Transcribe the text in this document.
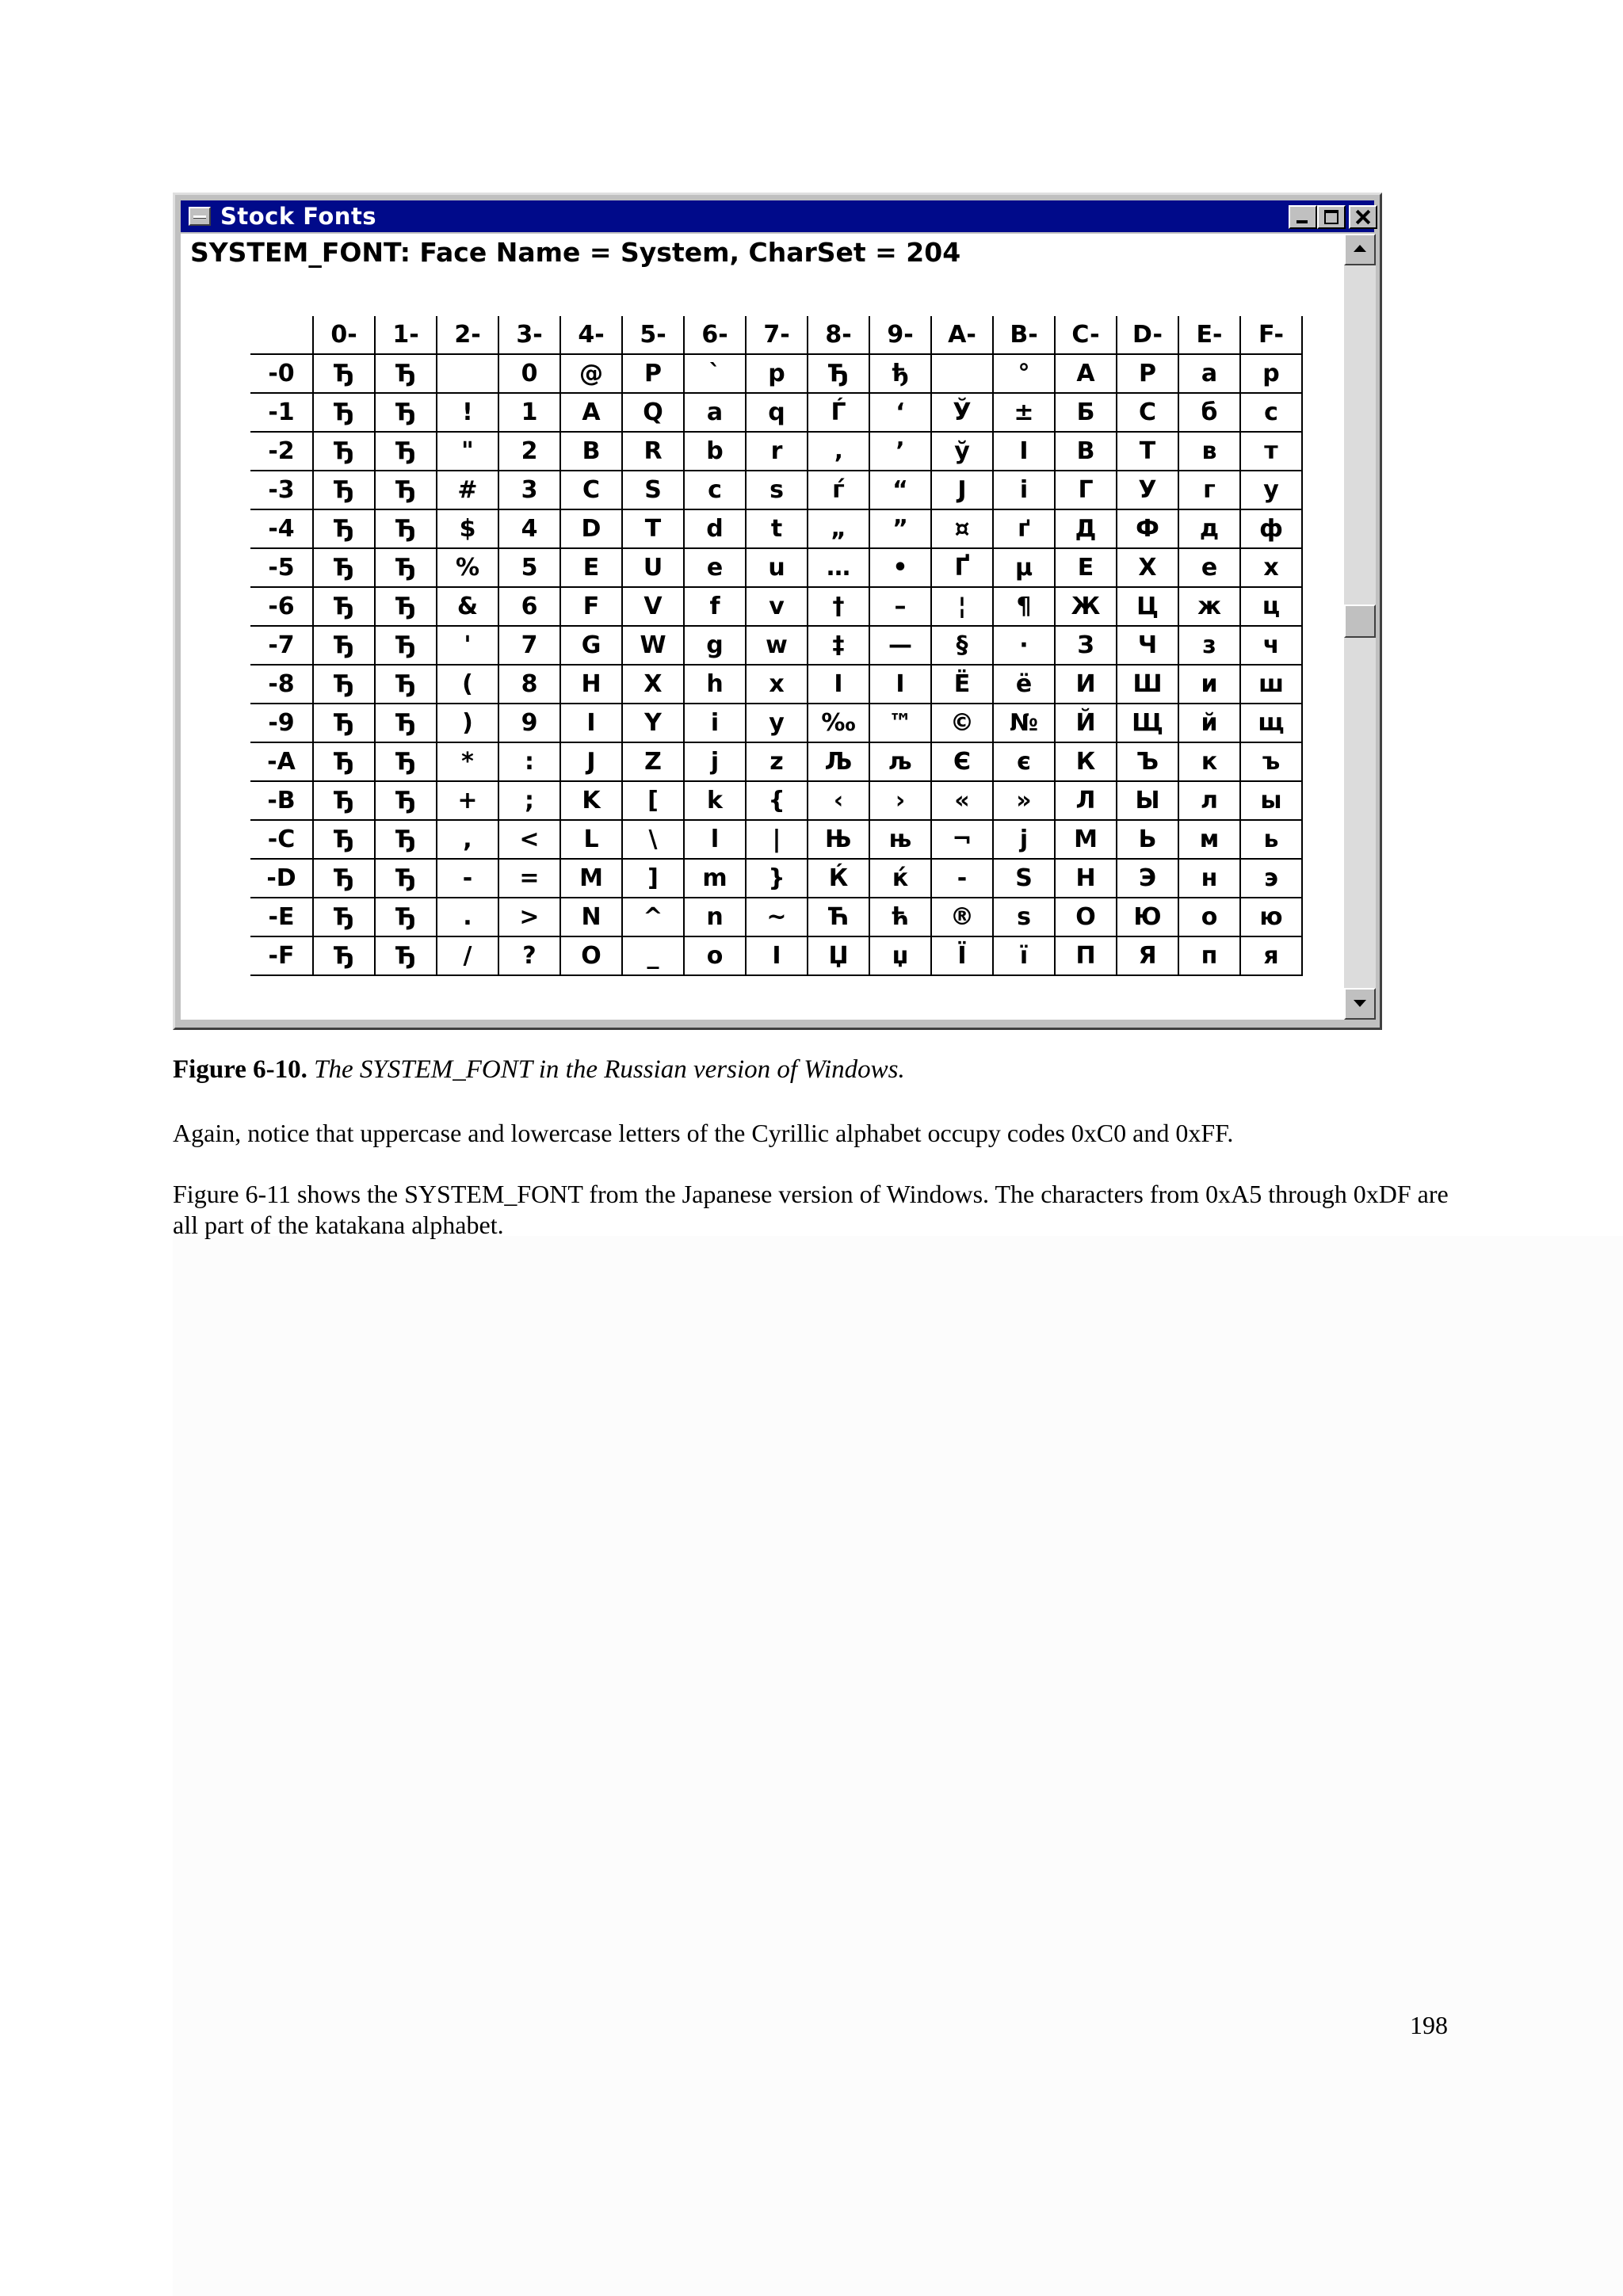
Stock Fonts
SYSTEM_FONT: Face Name = System, CharSet = 204
	0-	1-	2-	3-	4-	5-	6-	7-	8-	9-	A-	B-	C-	D-	E-	F-
-0	Ђ	Ђ		0	@	P	`	p	Ђ	ђ		°	А	Р	а	р
-1	Ђ	Ђ	!	1	A	Q	a	q	Ѓ	‘	Ў	±	Б	С	б	с
-2	Ђ	Ђ	"	2	B	R	b	r	‚	’	ў	І	В	Т	в	т
-3	Ђ	Ђ	#	3	C	S	c	s	ѓ	“	Ј	і	Г	У	г	у
-4	Ђ	Ђ	$	4	D	T	d	t	„	”	¤	ґ	Д	Ф	д	ф
-5	Ђ	Ђ	%	5	E	U	e	u	…	•	Ґ	µ	Е	Х	е	х
-6	Ђ	Ђ	&	6	F	V	f	v	†	–	¦	¶	Ж	Ц	ж	ц
-7	Ђ	Ђ	'	7	G	W	g	w	‡	—	§	·	З	Ч	з	ч
-8	Ђ	Ђ	(	8	H	X	h	x	I	I	Ё	ё	И	Ш	и	ш
-9	Ђ	Ђ	)	9	I	Y	i	y	‰	™	©	№	Й	Щ	й	щ
-A	Ђ	Ђ	*	:	J	Z	j	z	Љ	љ	Є	є	К	Ъ	к	ъ
-B	Ђ	Ђ	+	;	K	[	k	{	‹	›	«	»	Л	Ы	л	ы
-C	Ђ	Ђ	,	<	L	\	l	|	Њ	њ	¬	j	М	Ь	м	ь
-D	Ђ	Ђ	-	=	M	]	m	}	Ќ	ќ	-	Ѕ	Н	Э	н	э
-E	Ђ	Ђ	.	>	N	^	n	~	Ћ	ћ	®	ѕ	О	Ю	о	ю
-F	Ђ	Ђ	/	?	O	_	o	I	Џ	џ	Ї	ї	П	Я	п	я
Figure 6-10. The SYSTEM_FONT in the Russian version of Windows.
Again, notice that uppercase and lowercase letters of the Cyrillic alphabet occupy codes 0xC0 and 0xFF.
Figure 6-11 shows the SYSTEM_FONT from the Japanese version of Windows. The characters from 0xA5 through 0xDF are all part of the katakana alphabet.
198
